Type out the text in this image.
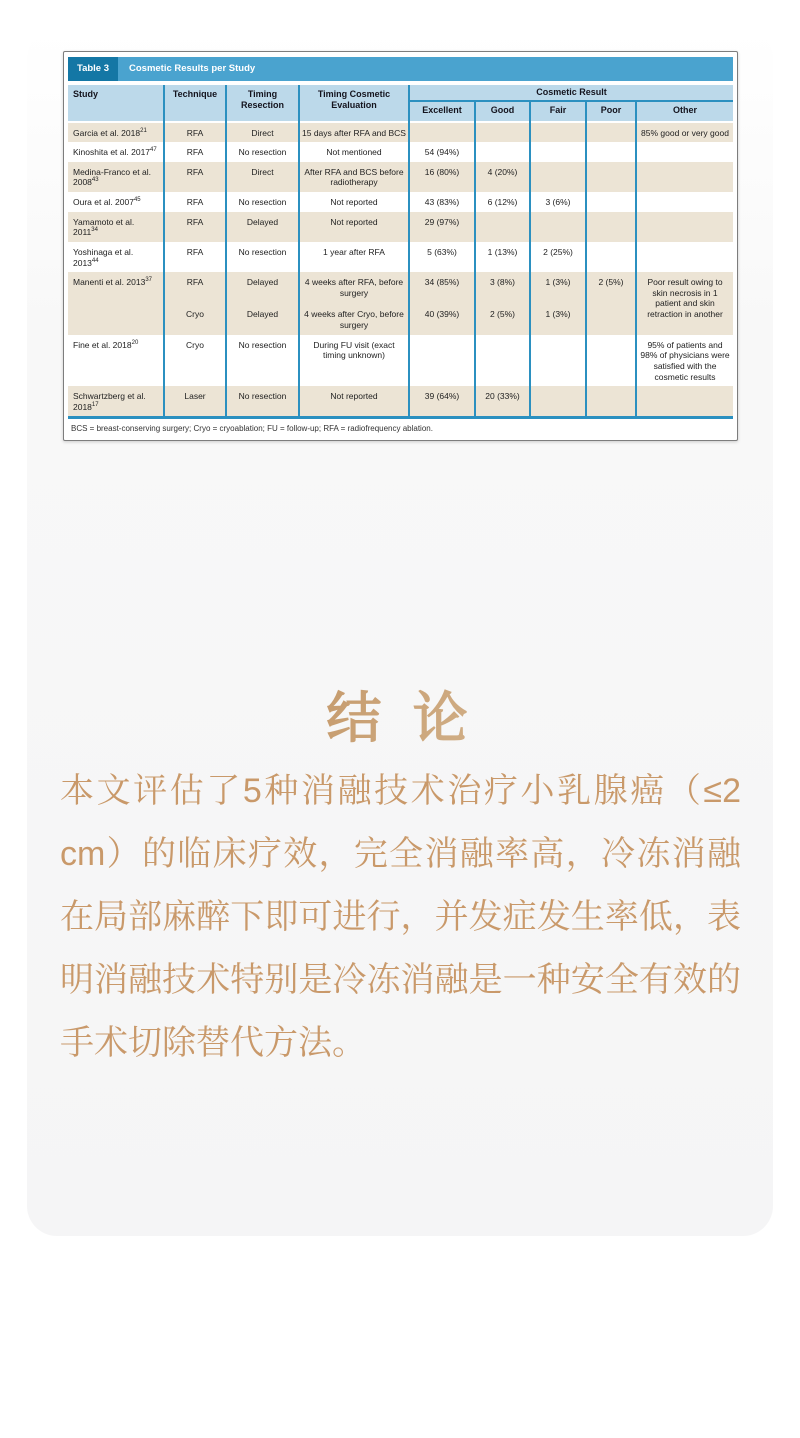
Table 3	Cosmetic Results per Study
Study	Technique	Timing Resection	Timing Cosmetic Evaluation	Cosmetic Result				
				Excellent	Good	Fair	Poor	Other
Garcia et al. 2018$^{21}$	RFA	Direct	15 days after RFA and BCS					85% good or very good
Kinoshita et al. 2017$^{47}$	RFA	No resection	Not mentioned	54 (94%)				
Medina-Franco et al. 2008$^{43}$	RFA	Direct	After RFA and BCS before radiotherapy	16 (80%)	4 (20%)			
Oura et al. 2007$^{45}$	RFA	No resection	Not reported	43 (83%)	6 (12%)	3 (6%)		
Yamamoto et al. 2011$^{34}$	RFA	Delayed	Not reported	29 (97%)				
Yoshinaga et al. 2013$^{44}$	RFA	No resection	1 year after RFA	5 (63%)	1 (13%)	2 (25%)		
Manenti et al. 2013$^{37}$	RFA	Delayed	4 weeks after RFA, before surgery	34 (85%)	3 (8%)	1 (3%)	2 (5%)	Poor result owing to skin necrosis in 1 patient and skin retraction in another
	Cryo	Delayed	4 weeks after Cryo, before surgery	40 (39%)	2 (5%)	1 (3%)		
Fine et al. 2018$^{20}$	Cryo	No resection	During FU visit (exact timing unknown)					95% of patients and 98% of physicians were satisfied with the cosmetic results
Schwartzberg et al. 2018$^{17}$	Laser	No resection	Not reported	39 (64%)	20 (33%)			
BCS = breast-conserving surgery; Cryo = cryoablation; FU = follow-up; RFA = radiofrequency ablation.
结 论
本文评估了5种消融技术治疗小乳腺癌（≤2
cm）的临床疗效，完全消融率高，冷冻消融
在局部麻醉下即可进行，并发症发生率低，表
明消融技术特别是冷冻消融是一种安全有效的
手术切除替代方法。
